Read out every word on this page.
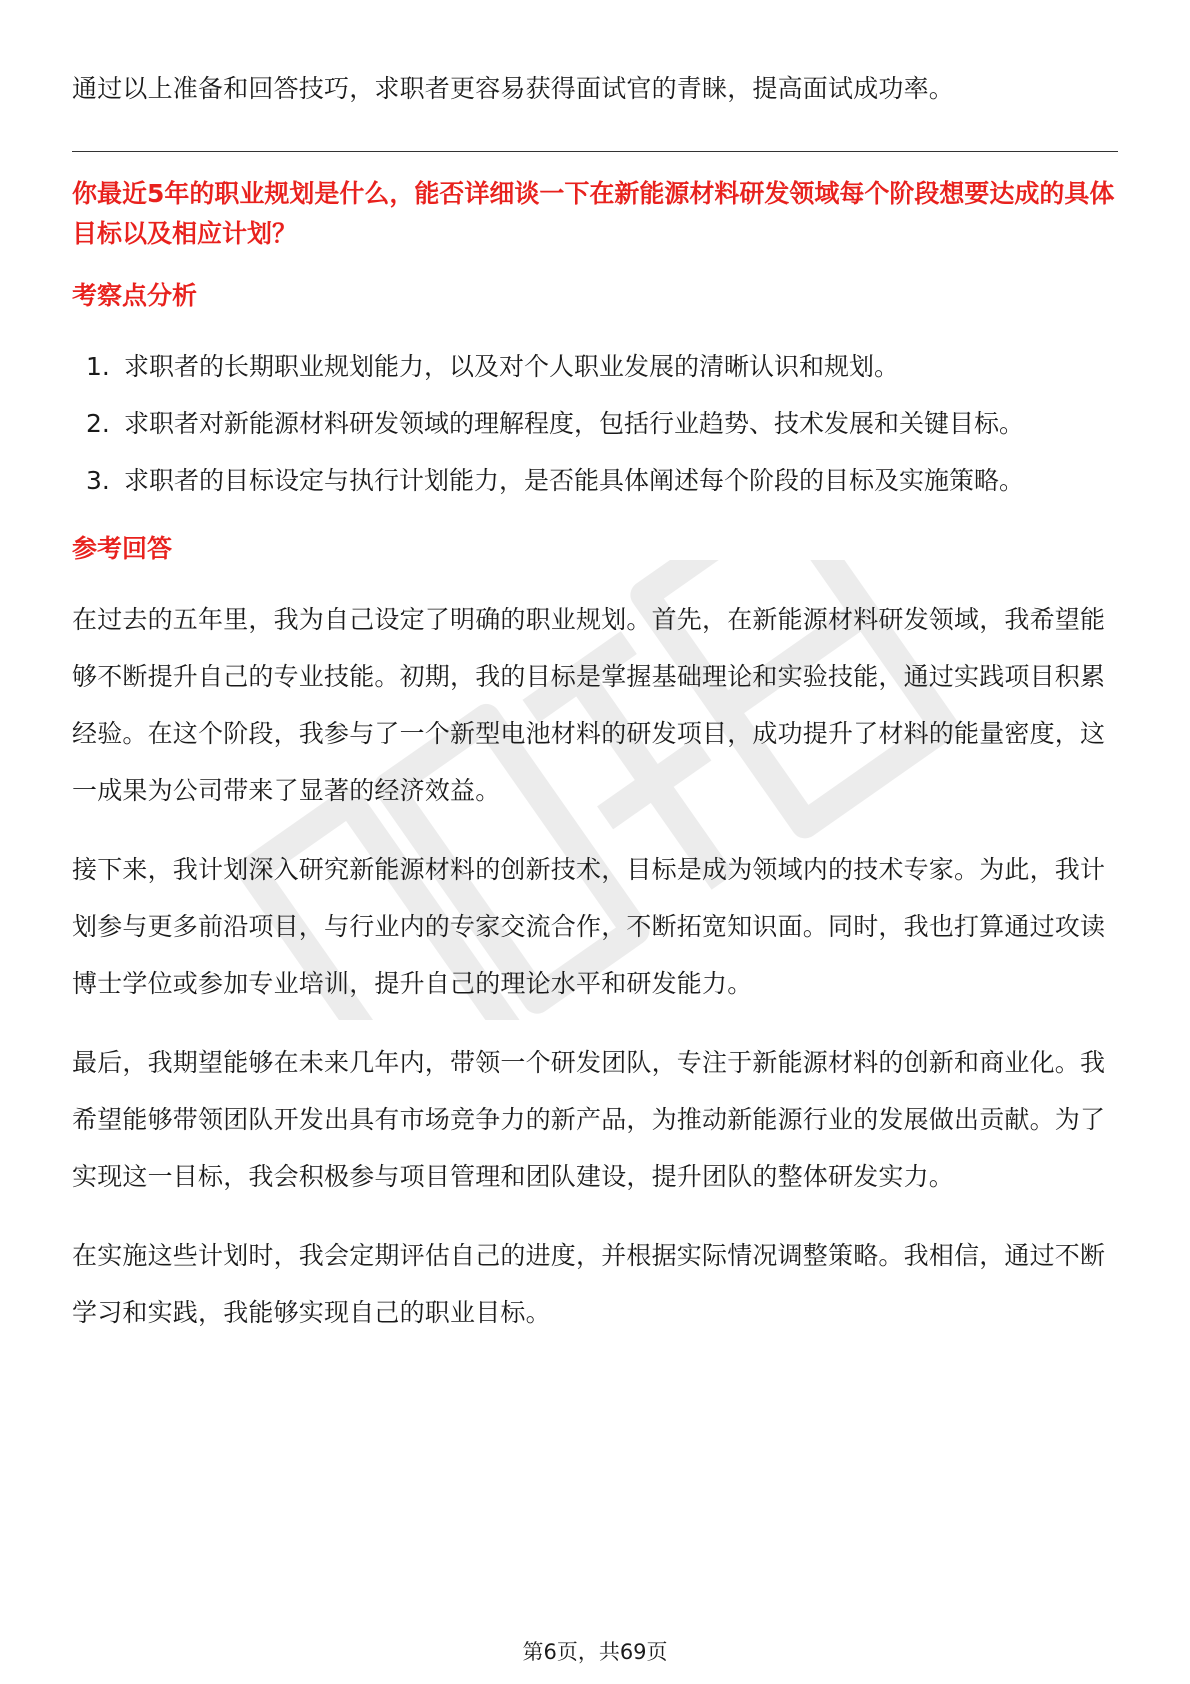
通过以上准备和回答技巧，求职者更容易获得面试官的青睐，提高面试成功率。

你最近5年的职业规划是什么，能否详细谈一下在新能源材料研发领域每个阶段想要达成的具体目标以及相应计划？
考察点分析
1. 求职者的长期职业规划能力，以及对个人职业发展的清晰认识和规划。
2. 求职者对新能源材料研发领域的理解程度，包括行业趋势、技术发展和关键目标。
3. 求职者的目标设定与执行计划能力，是否能具体阐述每个阶段的目标及实施策略。
参考回答

在过去的五年里，我为自己设定了明确的职业规划。首先，在新能源材料研发领域，我希望能够不断提升自己的专业技能。初期，我的目标是掌握基础理论和实验技能，通过实践项目积累经验。在这个阶段，我参与了一个新型电池材料的研发项目，成功提升了材料的能量密度，这一成果为公司带来了显著的经济效益。

接下来，我计划深入研究新能源材料的创新技术，目标是成为领域内的技术专家。为此，我计划参与更多前沿项目，与行业内的专家交流合作，不断拓宽知识面。同时，我也打算通过攻读博士学位或参加专业培训，提升自己的理论水平和研发能力。

最后，我期望能够在未来几年内，带领一个研发团队，专注于新能源材料的创新和商业化。我希望能够带领团队开发出具有市场竞争力的新产品，为推动新能源行业的发展做出贡献。为了实现这一目标，我会积极参与项目管理和团队建设，提升团队的整体研发实力。

在实施这些计划时，我会定期评估自己的进度，并根据实际情况调整策略。我相信，通过不断学习和实践，我能够实现自己的职业目标。

第6页，共69页
